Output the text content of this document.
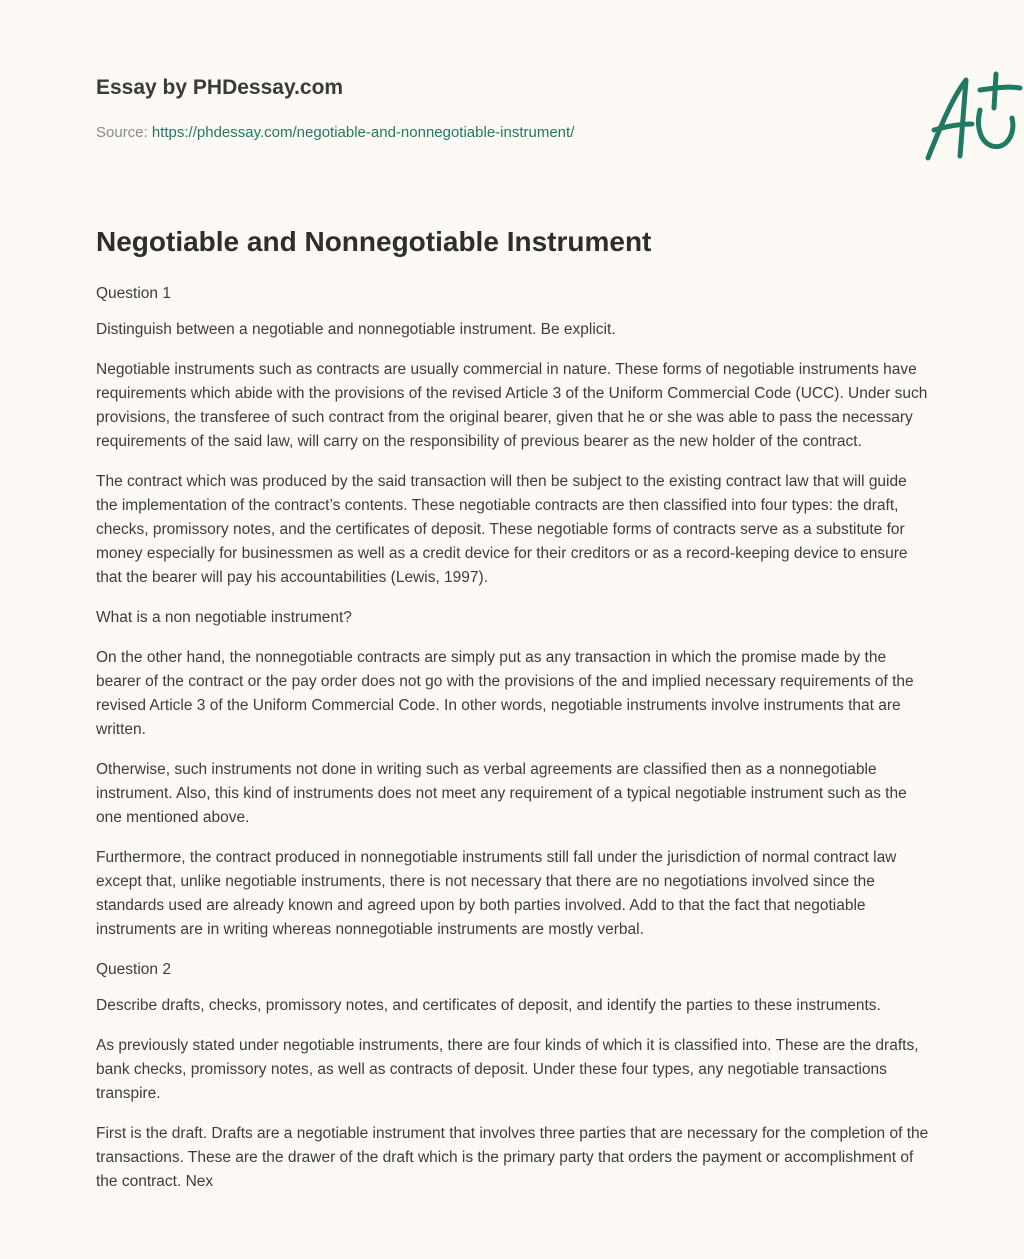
Essay by PHDessay.com
Source: https://phdessay.com/negotiable-and-nonnegotiable-instrument/
Negotiable and Nonnegotiable Instrument

Question 1

Distinguish between a negotiable and nonnegotiable instrument. Be explicit.

Negotiable instruments such as contracts are usually commercial in nature. These forms of negotiable instruments have requirements which abide with the provisions of the revised Article 3 of the Uniform Commercial Code (UCC). Under such provisions, the transferee of such contract from the original bearer, given that he or she was able to pass the necessary requirements of the said law, will carry on the responsibility of previous bearer as the new holder of the contract.

The contract which was produced by the said transaction will then be subject to the existing contract law that will guide the implementation of the contract’s contents. These negotiable contracts are then classified into four types: the draft, checks, promissory notes, and the certificates of deposit. These negotiable forms of contracts serve as a substitute for money especially for businessmen as well as a credit device for their creditors or as a record-keeping device to ensure that the bearer will pay his accountabilities (Lewis, 1997).

What is a non negotiable instrument?

On the other hand, the nonnegotiable contracts are simply put as any transaction in which the promise made by the bearer of the contract or the pay order does not go with the provisions of the and implied necessary requirements of the revised Article 3 of the Uniform Commercial Code. In other words, negotiable instruments involve instruments that are written.

Otherwise, such instruments not done in writing such as verbal agreements are classified then as a nonnegotiable instrument. Also, this kind of instruments does not meet any requirement of a typical negotiable instrument such as the one mentioned above.

Furthermore, the contract produced in nonnegotiable instruments still fall under the jurisdiction of normal contract law except that, unlike negotiable instruments, there is not necessary that there are no negotiations involved since the standards used are already known and agreed upon by both parties involved. Add to that the fact that negotiable instruments are in writing whereas nonnegotiable instruments are mostly verbal.

Question 2

Describe drafts, checks, promissory notes, and certificates of deposit, and identify the parties to these instruments.

As previously stated under negotiable instruments, there are four kinds of which it is classified into. These are the drafts, bank checks, promissory notes, as well as contracts of deposit. Under these four types, any negotiable transactions transpire.

First is the draft. Drafts are a negotiable instrument that involves three parties that are necessary for the completion of the transactions. These are the drawer of the draft which is the primary party that orders the payment or accomplishment of the contract. Nex
